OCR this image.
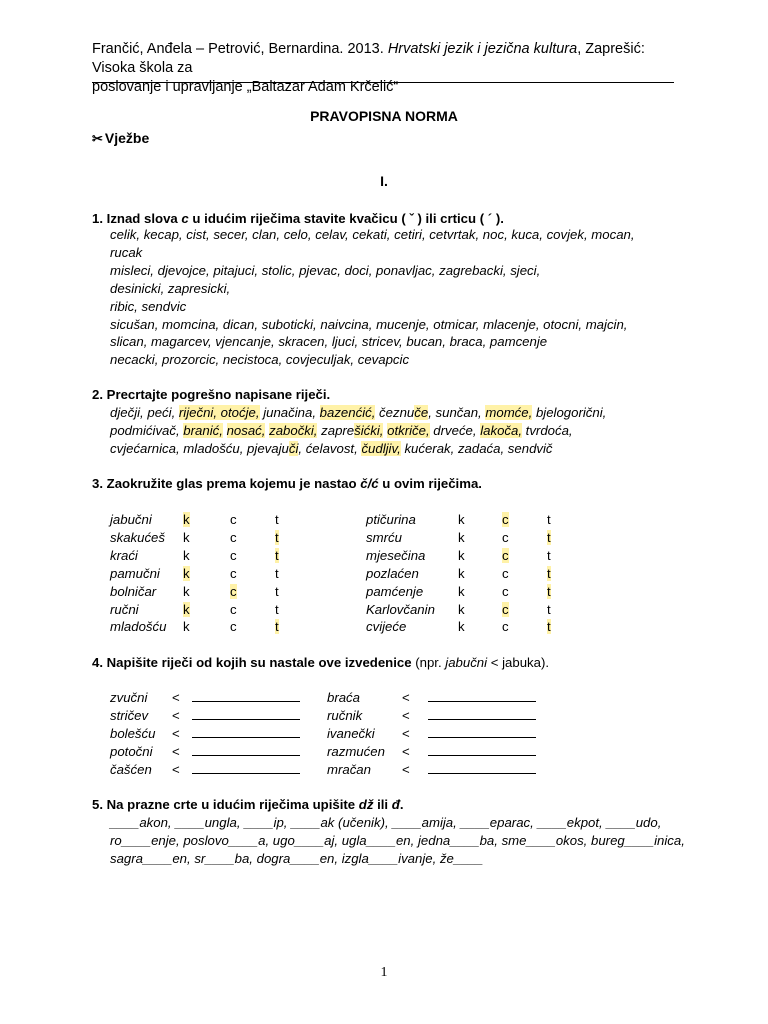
Frančić, Anđela – Petrović, Bernardina. 2013. Hrvatski jezik i jezična kultura, Zaprešić: Visoka škola za
poslovanje i upravljanje „Baltazar Adam Krčelić“
PRAVOPISNA NORMA
✂ Vježbe
I.
1. Iznad slova c u idućim riječima stavite kvačicu ( ˇ ) ili crticu ( ´ ).
celik, kecap, cist, secer, clan, celo, celav, cekati, cetiri, cetvrtak, noc, kuca, covjek, mocan,
rucak
misleci, djevojce, pitajuci, stolic, pjevac, doci, ponavljac, zagrebacki, sjeci,
desinicki, zapresicki,
ribic, sendvic
sicušan, momcina, dican, suboticki, naivcina, mucenje, otmicar, mlacenje, otocni, majcin,
slican, magarcev, vjencanje, skracen, ljuci, stricev, bucan, braca, pamcenje
necacki, prozorcic, necistoca, covjeculjak, cevapcic
2. Precrtajte pogrešno napisane riječi.
dječji, peći, riječni, otoćje, junačina, bazenćić, čeznuče, sunčan, momće, bjelogorični,
podmićivač, branić, nosać, zabočki, zaprešićki, otkriče, drveće, lakoča, tvrdoća,
cvjećarnica, mladošću, pjevajuči, ćelavost, čudljiv, kućerak, zadaća, sendvič
3. Zaokružite glas prema kojemu je nastao č/ć u ovim riječima.
jabučni	k	c	t
skakućeš	k	c	t
kraći	k	c	t
pamučni	k	c	t
bolničar	k	c	t
ručni	k	c	t
mladošću	k	c	t
ptičurina	k	c	t
smrću	k	c	t
mjesečina	k	c	t
pozlaćen	k	c	t
pamćenje	k	c	t
Karlovčanin	k	c	t
cvijeće	k	c	t
4. Napišite riječi od kojih su nastale ove izvedenice (npr. jabučni < jabuka).
zvučni	<	
stričev	<	
bolešću	<	
potočni	<	
čašćen	<	
braća	<	
ručnik	<	
ivanečki	<	
razmućen	<	
mračan	<	
5. Na prazne crte u idućim riječima upišite dž ili đ.
____akon, ____ungla, ____ip, ____ak (učenik), ____amija, ____eparac, ____ekpot, ____udo,
ro____enje, poslovo____a, ugo____aj, ugla____en, jedna____ba, sme____okos, bureg____inica,
sagra____en, sr____ba, dogra____en, izgla____ivanje, že____
1
